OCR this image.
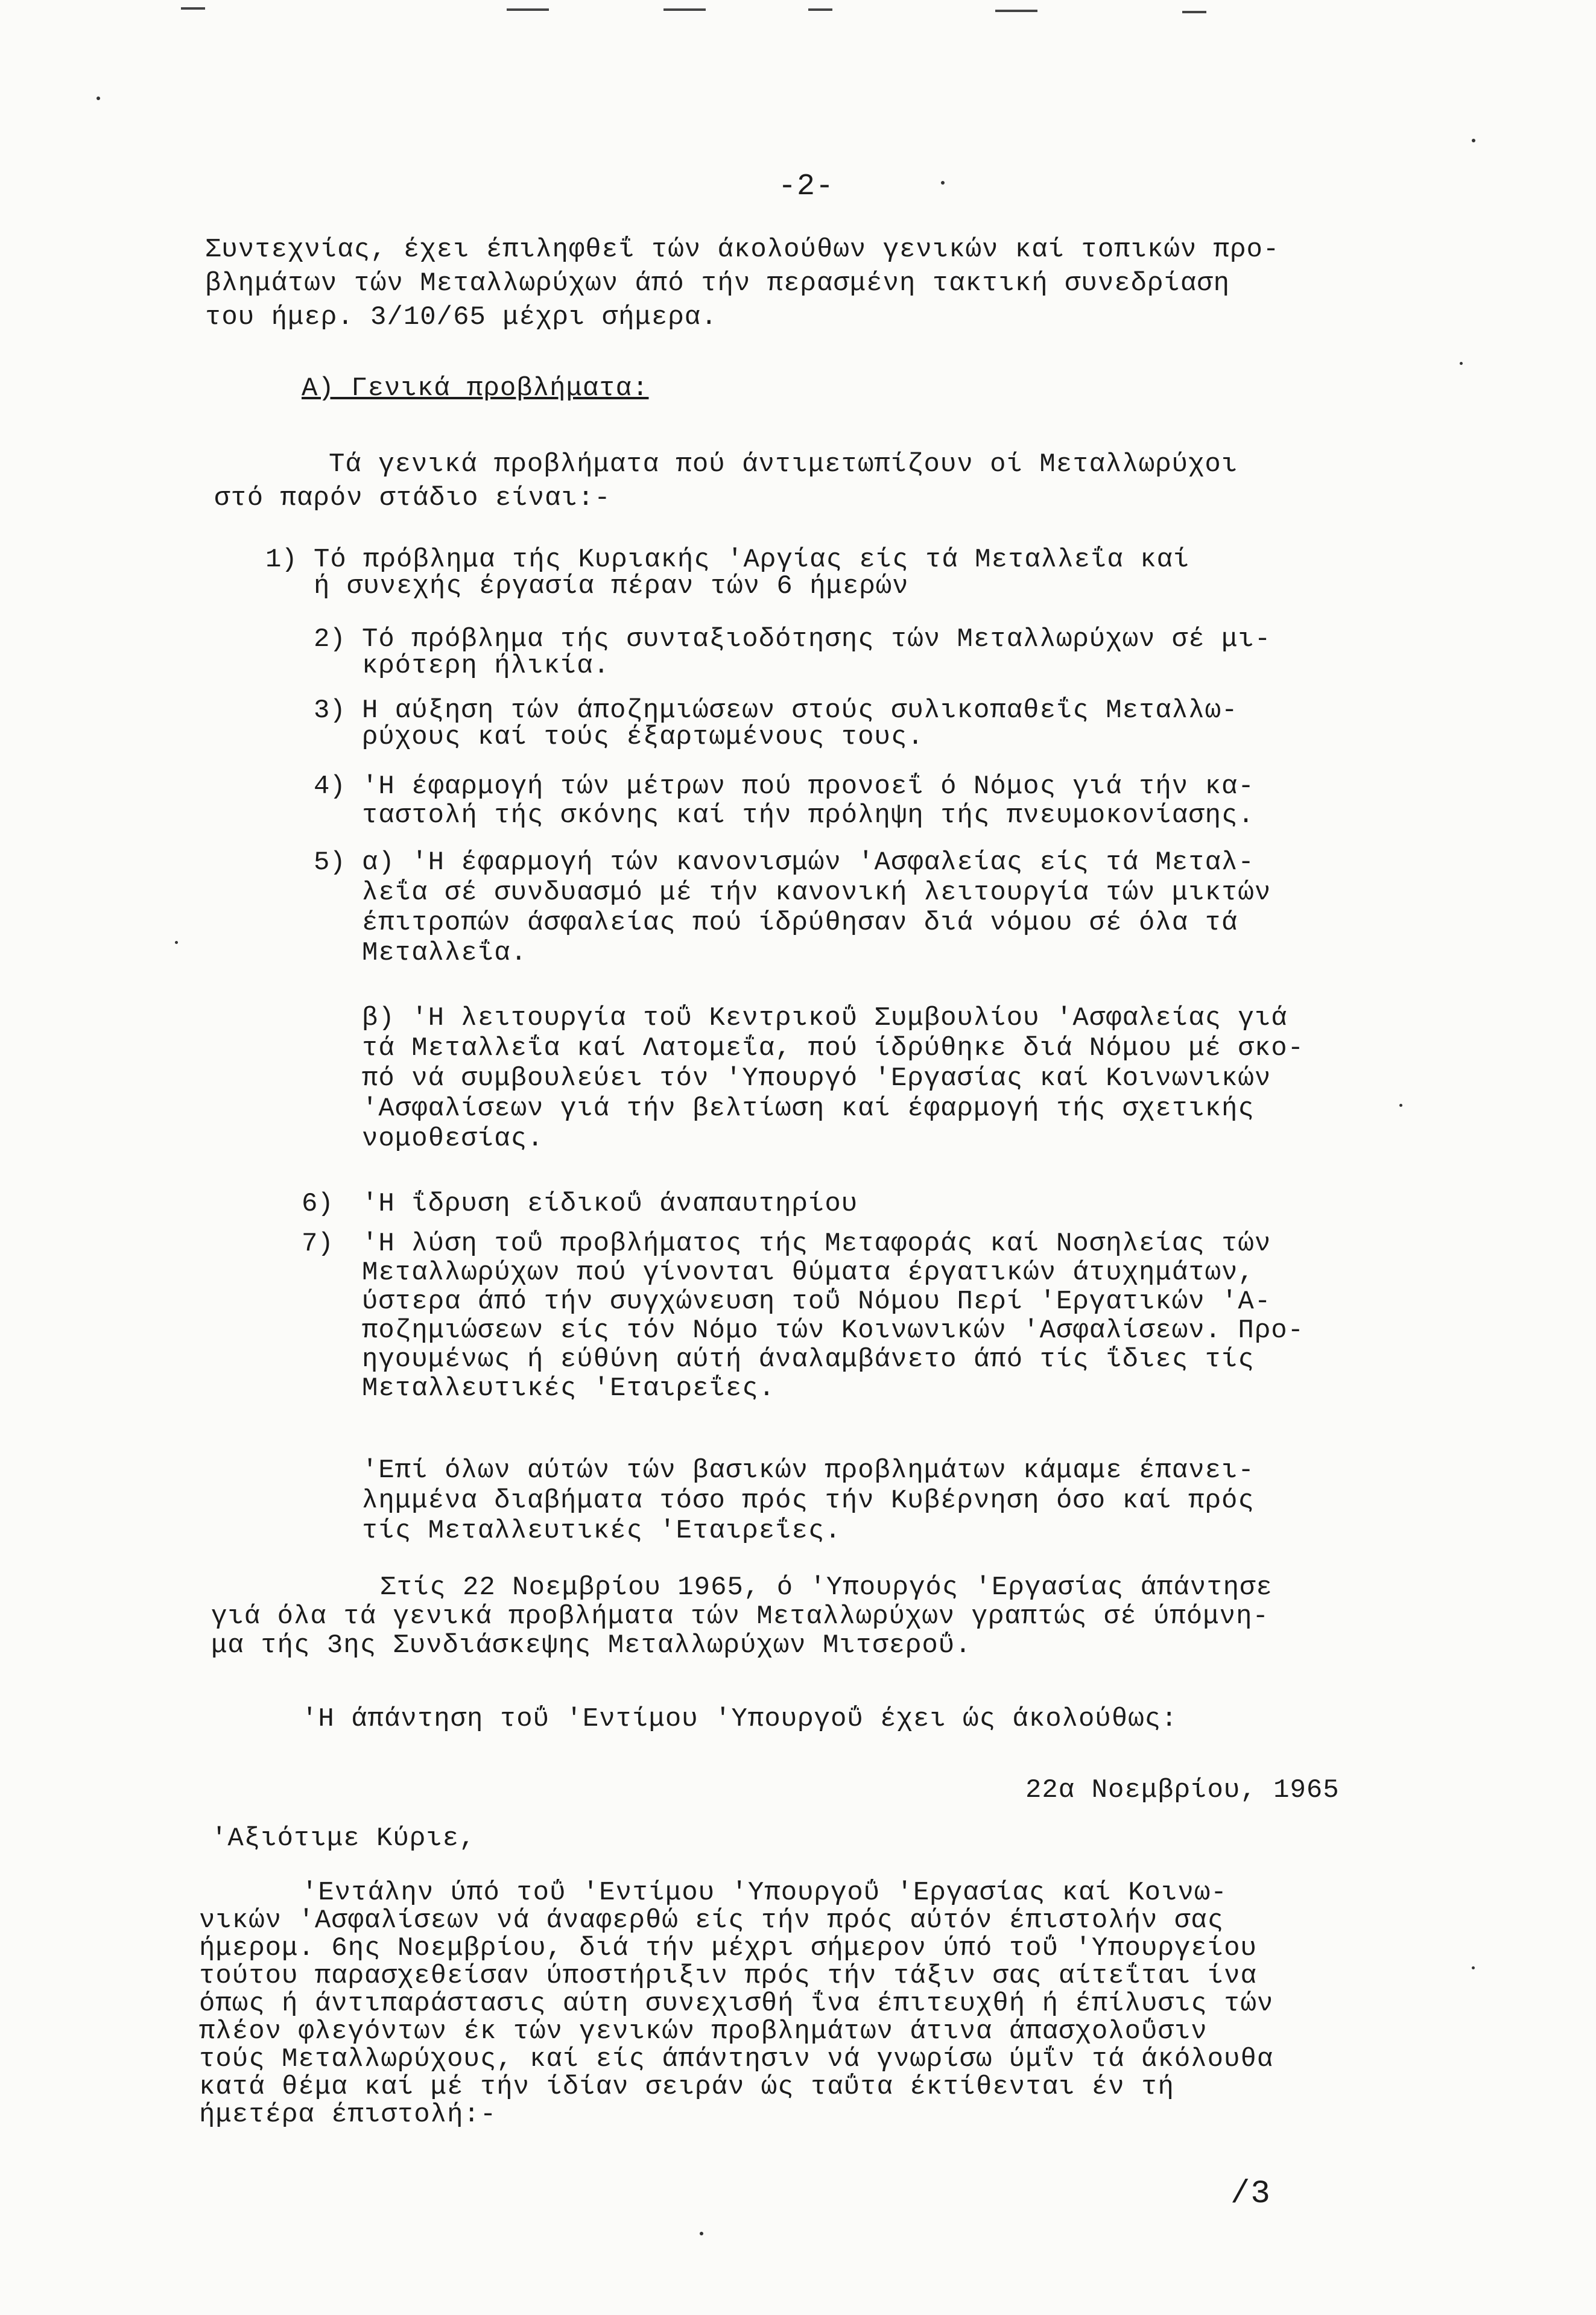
-2-
Συντεχνίας, έχει έπιληφθεΐ τών άκολούθων γενικών καί τοπικών προ-
βλημάτων τών Μεταλλωρύχων άπό τήν περασμένη τακτική συνεδρίαση
του ήμερ. 3/10/65 μέχρι σήμερα.
Α) Γενικά προβλήματα:
Τά γενικά προβλήματα πού άντιμετωπίζουν οί Μεταλλωρύχοι
στό παρόν στάδιο είναι:-
1) Τό πρόβλημα τής Κυριακής 'Αργίας είς τά Μεταλλεΐα καί
ή συνεχής έργασία πέραν τών 6 ήμερών
2) Τό πρόβλημα τής συνταξιοδότησης τών Μεταλλωρύχων σέ μι-
κρότερη ήλικία.
3) Η αύξηση τών άποζημιώσεων στούς συλικοπαθεΐς Μεταλλω-
ρύχους καί τούς έξαρτωμένους τους.
4) 'Η έφαρμογή τών μέτρων πού προνοεΐ ό Νόμος γιά τήν κα-
ταστολή τής σκόνης καί τήν πρόληψη τής πνευμοκονίασης.
5) α) 'Η έφαρμογή τών κανονισμών 'Ασφαλείας είς τά Μεταλ-
λεΐα σέ συνδυασμό μέ τήν κανονική λειτουργία τών μικτών
έπιτροπών άσφαλείας πού ίδρύθησαν διά νόμου σέ όλα τά
Μεταλλεΐα.
β) 'Η λειτουργία τοΰ Κεντρικοΰ Συμβουλίου 'Ασφαλείας γιά
τά Μεταλλεΐα καί Λατομεΐα, πού ίδρύθηκε διά Νόμου μέ σκο-
πό νά συμβουλεύει τόν 'Υπουργό 'Εργασίας καί Κοινωνικών
'Ασφαλίσεων γιά τήν βελτίωση καί έφαρμογή τής σχετικής
νομοθεσίας.
6) 'Η ΐδρυση είδικοΰ άναπαυτηρίου
7) 'Η λύση τοΰ προβλήματος τής Μεταφοράς καί Νοσηλείας τών
Μεταλλωρύχων πού γίνονται θύματα έργατικών άτυχημάτων,
ύστερα άπό τήν συγχώνευση τοΰ Νόμου Περί 'Εργατικών 'Α-
ποζημιώσεων είς τόν Νόμο τών Κοινωνικών 'Ασφαλίσεων. Προ-
ηγουμένως ή εύθύνη αύτή άναλαμβάνετο άπό τίς ΐδιες τίς
Μεταλλευτικές 'Εταιρεΐες.
'Επί όλων αύτών τών βασικών προβλημάτων κάμαμε έπανει-
λημμένα διαβήματα τόσο πρός τήν Κυβέρνηση όσο καί πρός
τίς Μεταλλευτικές 'Εταιρεΐες.
Στίς 22 Νοεμβρίου 1965, ό 'Υπουργός 'Εργασίας άπάντησε
γιά όλα τά γενικά προβλήματα τών Μεταλλωρύχων γραπτώς σέ ύπόμνη-
μα τής 3ης Συνδιάσκεψης Μεταλλωρύχων Μιτσεροΰ.
'Η άπάντηση τοΰ 'Εντίμου 'Υπουργοΰ έχει ώς άκολούθως:
22α Νοεμβρίου, 1965
'Αξιότιμε Κύριε,
'Εντάλην ύπό τοΰ 'Εντίμου 'Υπουργοΰ 'Εργασίας καί Κοινω-
νικών 'Ασφαλίσεων νά άναφερθώ είς τήν πρός αύτόν έπιστολήν σας
ήμερομ. 6ης Νοεμβρίου, διά τήν μέχρι σήμερον ύπό τοΰ 'Υπουργείου
τούτου παρασχεθείσαν ύποστήριξιν πρός τήν τάξιν σας αίτεΐται ίνα
όπως ή άντιπαράστασις αύτη συνεχισθή ΐνα έπιτευχθή ή έπίλυσις τών
πλέον φλεγόντων έκ τών γενικών προβλημάτων άτινα άπασχολοΰσιν
τούς Μεταλλωρύχους, καί είς άπάντησιν νά γνωρίσω ύμΐν τά άκόλουθα
κατά θέμα καί μέ τήν ίδίαν σειράν ώς ταΰτα έκτίθενται έν τή
ήμετέρα έπιστολή:-
/3
